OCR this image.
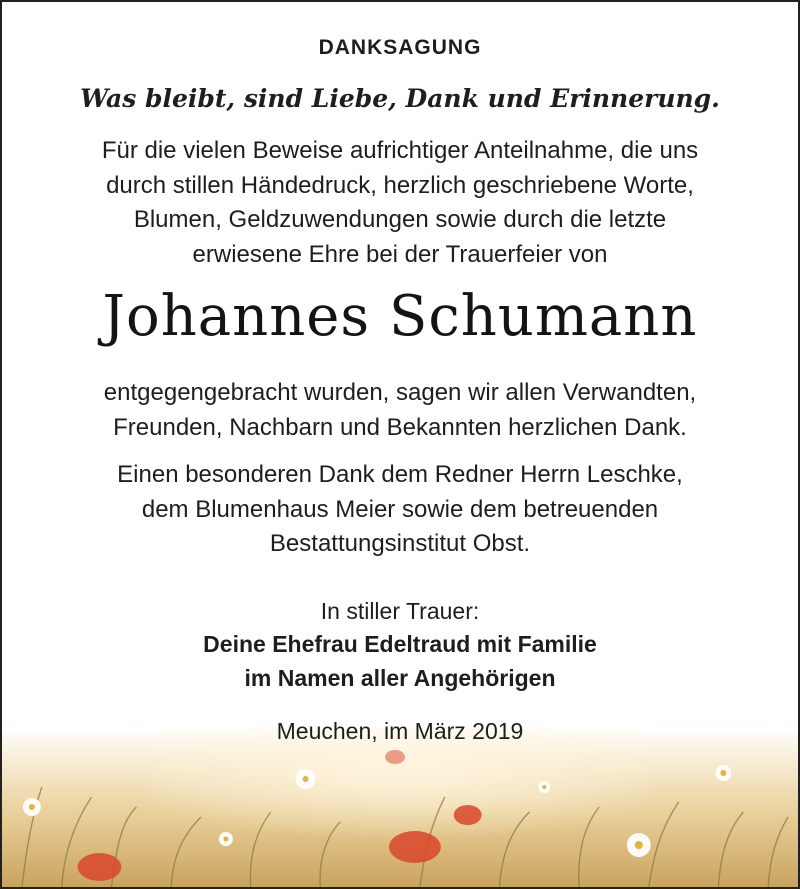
DANKSAGUNG
Was bleibt, sind Liebe, Dank und Erinnerung.
Für die vielen Beweise aufrichtiger Anteilnahme, die uns
durch stillen Händedruck, herzlich geschriebene Worte,
Blumen, Geldzuwendungen sowie durch die letzte
erwiesene Ehre bei der Trauerfeier von
Johannes Schumann
entgegengebracht wurden, sagen wir allen Verwandten,
Freunden, Nachbarn und Bekannten herzlichen Dank.
Einen besonderen Dank dem Redner Herrn Leschke,
dem Blumenhaus Meier sowie dem betreuenden
Bestattungsinstitut Obst.
In stiller Trauer:
Deine Ehefrau Edeltraud mit Familie
im Namen aller Angehörigen
Meuchen, im März 2019
